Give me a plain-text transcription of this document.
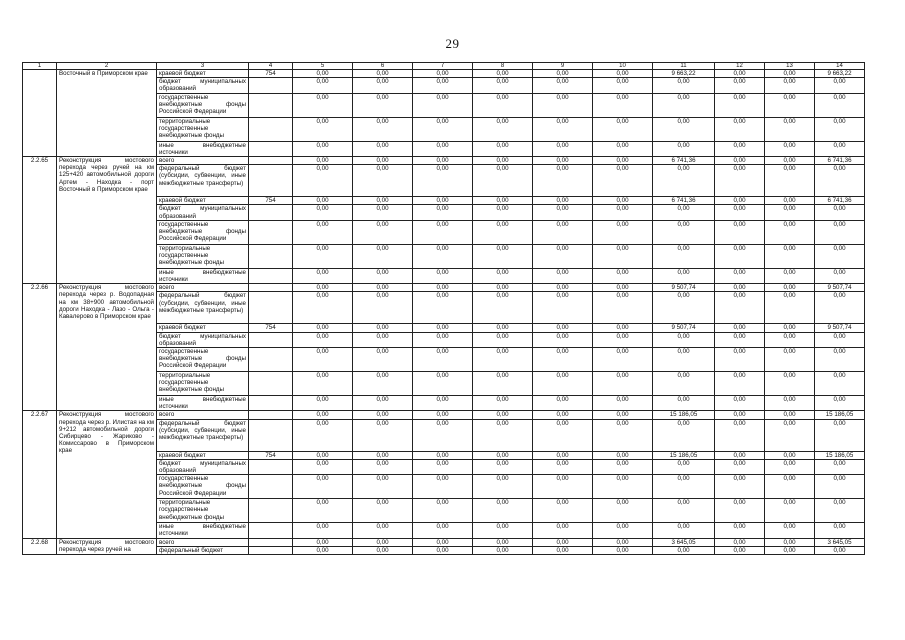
29
1	2	3	4	5	6	7	8	9	10	11	12	13	14
	Восточный в Приморском крае	краевой бюджет	754	0,00	0,00	0,00	0,00	0,00	0,00	9 663,22	0,00	0,00	9 663,22
		бюджет муниципальных образований		0,00	0,00	0,00	0,00	0,00	0,00	0,00	0,00	0,00	0,00
		государственные внебюджетные фонды Российской Федерации		0,00	0,00	0,00	0,00	0,00	0,00	0,00	0,00	0,00	0,00
		территориальные государственные внебюджетные фонды		0,00	0,00	0,00	0,00	0,00	0,00	0,00	0,00	0,00	0,00
		иные внебюджетные источники		0,00	0,00	0,00	0,00	0,00	0,00	0,00	0,00	0,00	0,00
2.2.65	Реконструкция мостового перехода через ручей на км 125+420 автомобильной дороги Артем - Находка - порт Восточный в Приморском крае	всего		0,00	0,00	0,00	0,00	0,00	0,00	6 741,36	0,00	0,00	6 741,36
		федеральный бюджет (субсидии, субвенции, иные межбюджетные трансферты)		0,00	0,00	0,00	0,00	0,00	0,00	0,00	0,00	0,00	0,00
		краевой бюджет	754	0,00	0,00	0,00	0,00	0,00	0,00	6 741,36	0,00	0,00	6 741,36
		бюджет муниципальных образований		0,00	0,00	0,00	0,00	0,00	0,00	0,00	0,00	0,00	0,00
		государственные внебюджетные фонды Российской Федерации		0,00	0,00	0,00	0,00	0,00	0,00	0,00	0,00	0,00	0,00
		территориальные государственные внебюджетные фонды		0,00	0,00	0,00	0,00	0,00	0,00	0,00	0,00	0,00	0,00
		иные внебюджетные источники		0,00	0,00	0,00	0,00	0,00	0,00	0,00	0,00	0,00	0,00
2.2.66	Реконструкция мостового перехода через р. Водопадная на км 38+900 автомобильной дороги Находка - Лазо - Ольга - Кавалерово в Приморском крае	всего		0,00	0,00	0,00	0,00	0,00	0,00	9 507,74	0,00	0,00	9 507,74
		федеральный бюджет (субсидии, субвенции, иные межбюджетные трансферты)		0,00	0,00	0,00	0,00	0,00	0,00	0,00	0,00	0,00	0,00
		краевой бюджет	754	0,00	0,00	0,00	0,00	0,00	0,00	9 507,74	0,00	0,00	9 507,74
		бюджет муниципальных образований		0,00	0,00	0,00	0,00	0,00	0,00	0,00	0,00	0,00	0,00
		государственные внебюджетные фонды Российской Федерации		0,00	0,00	0,00	0,00	0,00	0,00	0,00	0,00	0,00	0,00
		территориальные государственные внебюджетные фонды		0,00	0,00	0,00	0,00	0,00	0,00	0,00	0,00	0,00	0,00
		иные внебюджетные источники		0,00	0,00	0,00	0,00	0,00	0,00	0,00	0,00	0,00	0,00
2.2.67	Реконструкция мостового перехода через р. Илистая на км 9+212 автомобильной дороги Сибирцево - Жариково - Комиссарово в Приморском крае	всего		0,00	0,00	0,00	0,00	0,00	0,00	15 186,05	0,00	0,00	15 186,05
		федеральный бюджет (субсидии, субвенции, иные межбюджетные трансферты)		0,00	0,00	0,00	0,00	0,00	0,00	0,00	0,00	0,00	0,00
		краевой бюджет	754	0,00	0,00	0,00	0,00	0,00	0,00	15 186,05	0,00	0,00	15 186,05
		бюджет муниципальных образований		0,00	0,00	0,00	0,00	0,00	0,00	0,00	0,00	0,00	0,00
		государственные внебюджетные фонды Российской Федерации		0,00	0,00	0,00	0,00	0,00	0,00	0,00	0,00	0,00	0,00
		территориальные государственные внебюджетные фонды		0,00	0,00	0,00	0,00	0,00	0,00	0,00	0,00	0,00	0,00
		иные внебюджетные источники		0,00	0,00	0,00	0,00	0,00	0,00	0,00	0,00	0,00	0,00
2.2.68	Реконструкция мостового перехода через ручей на	всего		0,00	0,00	0,00	0,00	0,00	0,00	3 645,05	0,00	0,00	3 645,05
		федеральный бюджет		0,00	0,00	0,00	0,00	0,00	0,00	0,00	0,00	0,00	0,00
